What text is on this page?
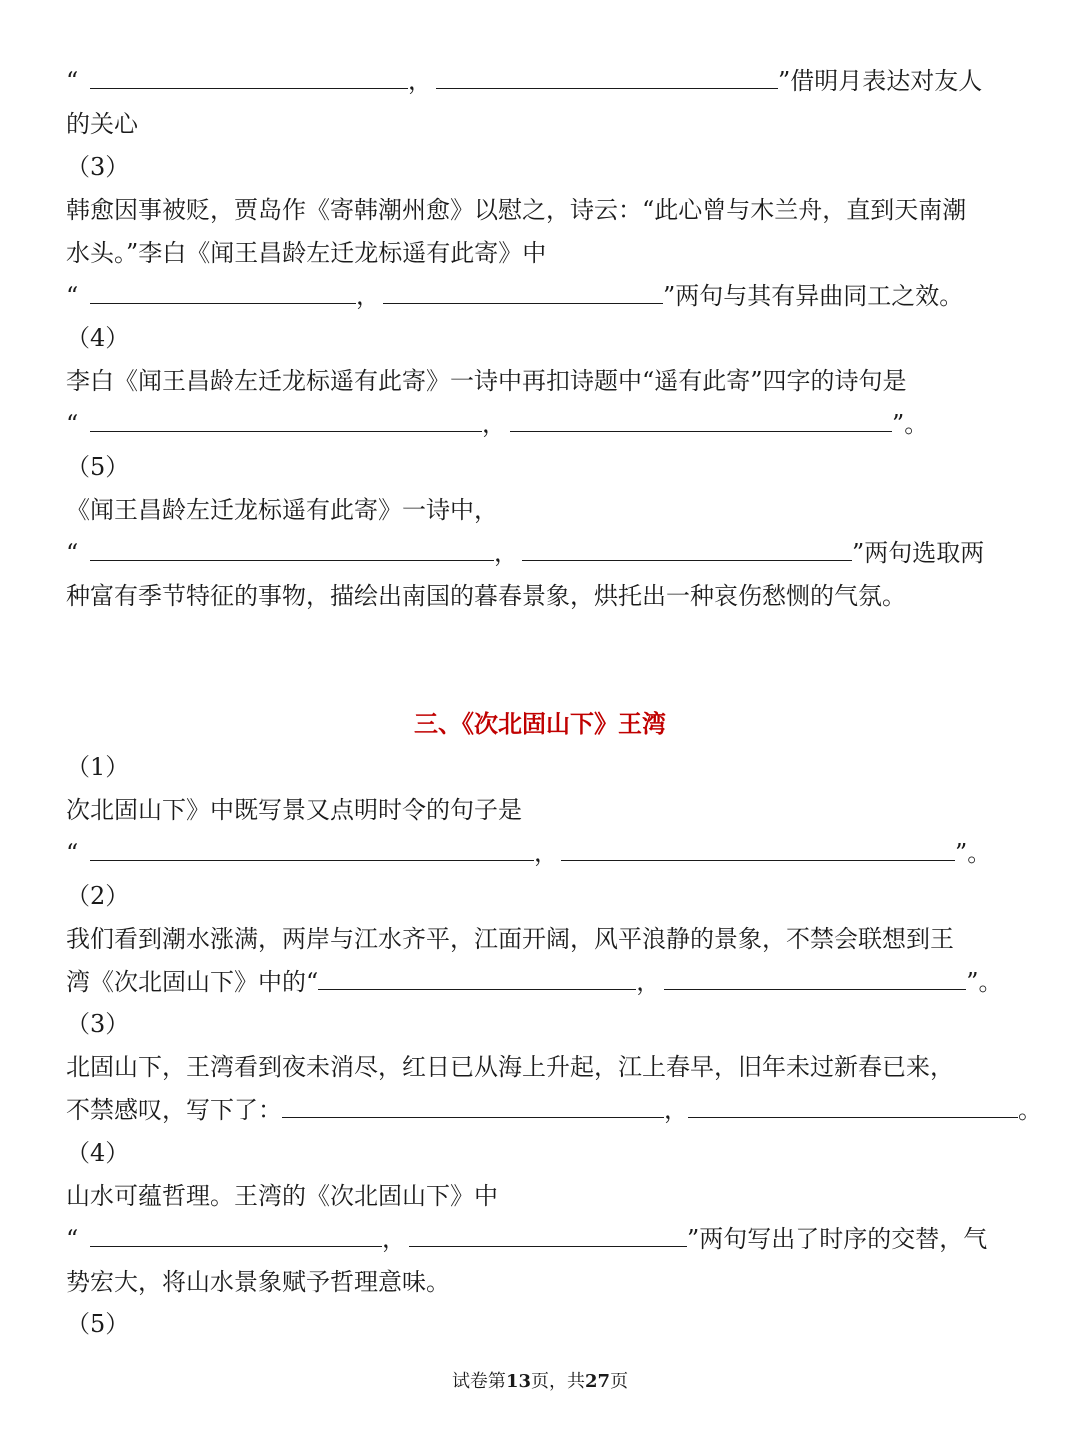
“	，	”借明月表达对友人
的关心
（3）
韩愈因事被贬，贾岛作《寄韩潮州愈》以慰之，诗云：“此心曾与木兰舟，直到天南潮
水头。”李白《闻王昌龄左迁龙标遥有此寄》中
“	，	”两句与其有异曲同工之效。
（4）
李白《闻王昌龄左迁龙标遥有此寄》一诗中再扣诗题中“遥有此寄”四字的诗句是
“	，	”。
（5）
《闻王昌龄左迁龙标遥有此寄》一诗中，
“	，	”两句选取两
种富有季节特征的事物，描绘出南国的暮春景象，烘托出一种哀伤愁恻的气氛。
三、《次北固山下》王湾
（1）
次北固山下》中既写景又点明时令的句子是
“	，	”。
（2）
我们看到潮水涨满，两岸与江水齐平，江面开阔，风平浪静的景象，不禁会联想到王
湾《次北固山下》中的“	，	”。
（3）
北固山下，王湾看到夜未消尽，红日已从海上升起，江上春早，旧年未过新春已来，
不禁感叹，写下了：	，	。
（4）
山水可蕴哲理。王湾的《次北固山下》中
“	，	”两句写出了时序的交替，气
势宏大，将山水景象赋予哲理意味。
（5）
试卷第13页，共27页
